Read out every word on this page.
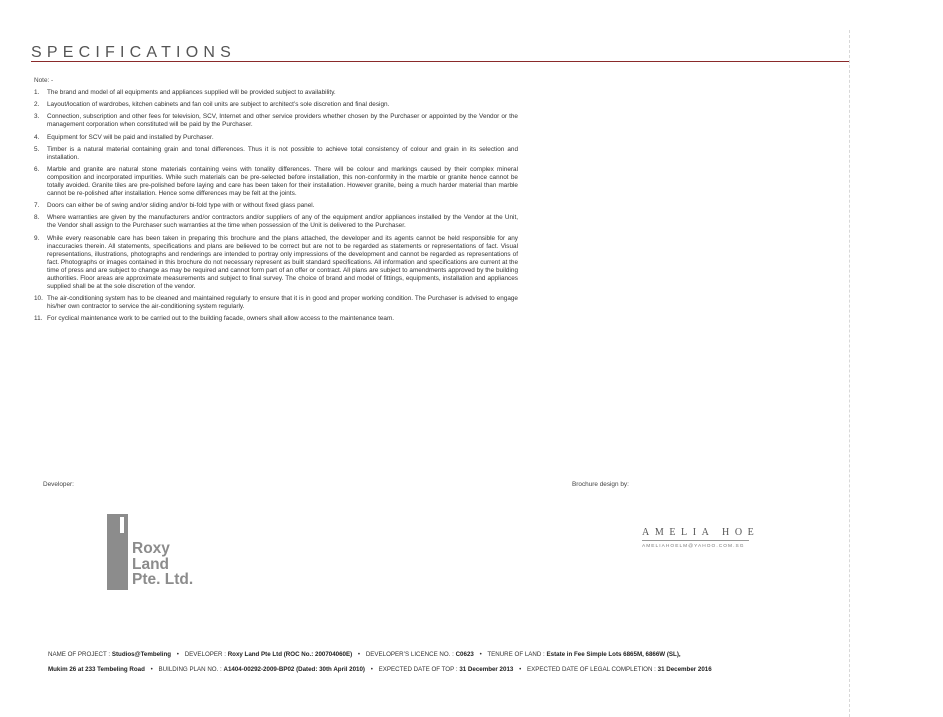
SPECIFICATIONS
Note: -
1.	The brand and model of all equipments and appliances supplied will be provided subject to availability.
2.	Layout/location of wardrobes, kitchen cabinets and fan coil units are subject to architect’s sole discretion and final design.
3.	Connection, subscription and other fees for television, SCV, Internet and other service providers whether chosen by the Purchaser or appointed by the Vendor or the management corporation when constituted will be paid by the Purchaser.
4.	Equipment for SCV will be paid and installed by Purchaser.
5.	Timber is a natural material containing grain and tonal differences. Thus it is not possible to achieve total consistency of colour and grain in its selection and installation.
6.	Marble and granite are natural stone materials containing veins with tonality differences. There will be colour and markings caused by their complex mineral composition and incorporated impurities. While such materials can be pre-selected before installation, this non-conformity in the marble or granite hence cannot be totally avoided. Granite tiles are pre-polished before laying and care has been taken for their installation. However granite, being a much harder material than marble cannot be re-polished after installation. Hence some differences may be felt at the joints.
7.	Doors can either be of swing and/or sliding and/or bi-fold type with or without fixed glass panel.
8.	Where warranties are given by the manufacturers and/or contractors and/or suppliers of any of the equipment and/or appliances installed by the Vendor at the Unit, the Vendor shall assign to the Purchaser such warranties at the time when possession of the Unit is delivered to the Purchaser.
9.	While every reasonable care has been taken in preparing this brochure and the plans attached, the developer and its agents cannot be held responsible for any inaccuracies therein. All statements, specifications and plans are believed to be correct but are not to be regarded as statements or representations of fact. Visual representations, illustrations, photographs and renderings are intended to portray only impressions of the development and cannot be regarded as representations of fact. Photographs or images contained in this brochure do not necessary represent as built standard specifications. All information and specifications are current at the time of press and are subject to change as may be required and cannot form part of an offer or contract. All plans are subject to amendments approved by the building authorities. Floor areas are approximate measurements and subject to final survey. The choice of brand and model of fittings, equipments, installation and appliances supplied shall be at the sole discretion of the vendor.
10. The air-conditioning system has to be cleaned and maintained regularly to ensure that it is in good and proper working condition. The Purchaser is advised to engage his/her own contractor to service the air-conditioning system regularly.
11. For cyclical maintenance work to be carried out to the building facade, owners shall allow access to the maintenance team.
Developer:	Brochure design by:
Roxy
Land
Pte. Ltd.
AMELIA HOE
AMELIAHOELM@YAHOO.COM.SG
NAME OF PROJECT : Studios@Tembeling • DEVELOPER : Roxy Land Pte Ltd (ROC No.: 200704060E) • DEVELOPER’S LICENCE NO. : C0623 • TENURE OF LAND : Estate in Fee Simple Lots 6865M, 6866W (SL),
Mukim 26 at 233 Tembeling Road • BUILDING PLAN NO. : A1404-00292-2009-BP02 (Dated: 30th April 2010) • EXPECTED DATE OF TOP : 31 December 2013 • EXPECTED DATE OF LEGAL COMPLETION : 31 December 2016
